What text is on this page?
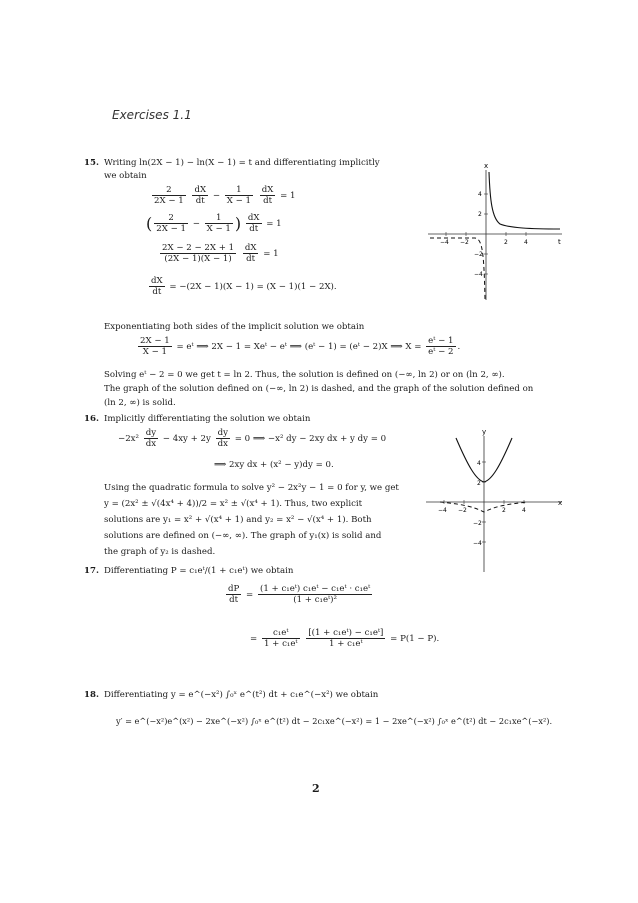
Exercises 1.1
15. Writing ln(2X − 1) − ln(X − 1) = t and differentiating implicitly
we obtain
$\frac{2}{2X - 1}$
$\frac{dX}{dt} - \frac{1}{X - 1}$
$\frac{dX}{dt} = 1$
( $\frac{2}{2X - 1} - \frac{1}{X - 1}$ ) $\frac{dX}{dt} = 1$
$\frac{2X - 2 - 2X + 1}{(2X - 1)(X - 1)}$
$\frac{dX}{dt} = 1$
$\frac{dX}{dt} = -(2X - 1)(X - 1) = (X - 1)(1 - 2X)$.
x
t
−4 −2	2	4
4
2
−2
−4
Exponentiating both sides of the implicit solution we obtain
$\frac{2X - 1}{X - 1}$ = eᵗ ⟹ 2X − 1 = Xeᵗ − eᵗ ⟹ (eᵗ − 1) = (eᵗ − 2)X ⟹ $X = \frac{\text{eᵗ − 1}}{\text{eᵗ − 2}}$ .
Solving eᵗ − 2 = 0 we get t = ln 2. Thus, the solution is defined on (−∞, ln 2) or on (ln 2, ∞).
The graph of the solution defined on (−∞, ln 2) is dashed, and the graph of the solution defined on
(ln 2, ∞) is solid.
16. Implicitly differentiating the solution we obtain
$-2x^2 \frac{dy}{dx} - 4xy + 2y \frac{dy}{dx} = 0$ ⟹ −x² dy − 2xy dx + y dy = 0
⟹ 2xy dx + (x² − y)dy = 0.
Using the quadratic formula to solve y² − 2x²y − 1 = 0 for y, we get
y = (2x² ± √(4x⁴ + 4))/2 = x² ± √(x⁴ + 1). Thus, two explicit
solutions are y₁ = x² + √(x⁴ + 1) and y₂ = x² − √(x⁴ + 1). Both
solutions are defined on (−∞, ∞). The graph of y₁(x) is solid and
the graph of y₂ is dashed.
y
x
−4 −2	2	4
4
2
−2
−4
17. Differentiating P = c₁eᵗ/(1 + c₁eᵗ) we obtain
$\frac{dP}{dt} = \frac{\text{(1 + c₁eᵗ) c₁eᵗ − c₁eᵗ · c₁eᵗ}}{\text{(1 + c₁eᵗ)²}}$
= $\frac{\text{c₁eᵗ}}{\text{1 + c₁eᵗ}}$
$\frac{\text{[(1 + c₁eᵗ) − c₁eᵗ]}}{\text{1 + c₁eᵗ}} = P(1 - P)$.
18. Differentiating y = e^(−x²) ∫₀ˣ e^(t²) dt + c₁e^(−x²) we obtain
y′ = e^(−x²)e^(x²) − 2xe^(−x²) ∫₀ˣ e^(t²) dt − 2c₁xe^(−x²) = 1 − 2xe^(−x²) ∫₀ˣ e^(t²) dt − 2c₁xe^(−x²).
2
